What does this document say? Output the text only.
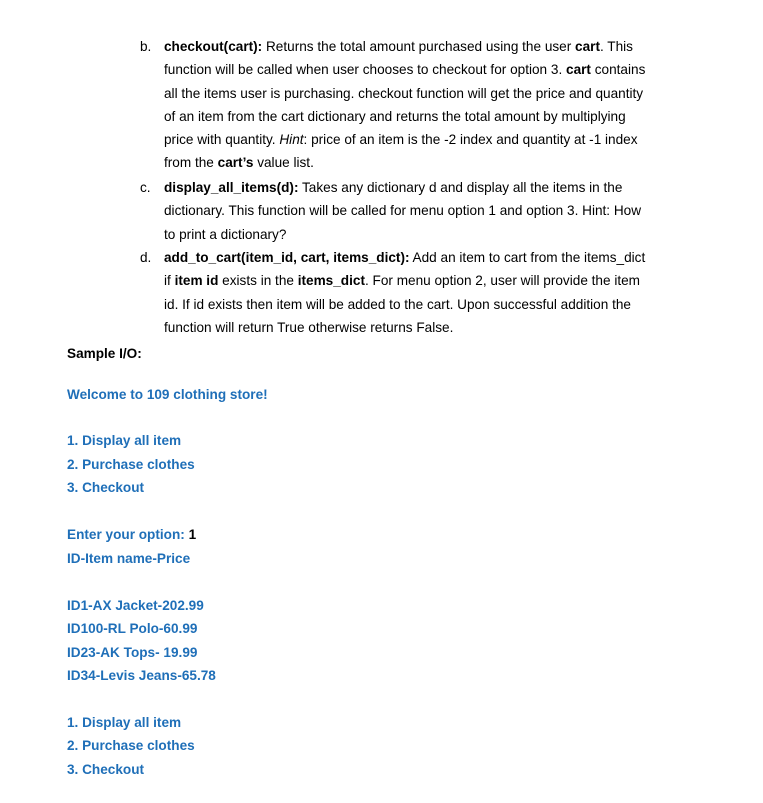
b. checkout(cart): Returns the total amount purchased using the user cart. This
function will be called when user chooses to checkout for option 3. cart contains
all the items user is purchasing. checkout function will get the price and quantity
of an item from the cart dictionary and returns the total amount by multiplying
price with quantity. Hint: price of an item is the -2 index and quantity at -1 index
from the cart’s value list.
c. display_all_items(d): Takes any dictionary d and display all the items in the
dictionary. This function will be called for menu option 1 and option 3. Hint: How
to print a dictionary?
d. add_to_cart(item_id, cart, items_dict): Add an item to cart from the items_dict
if item id exists in the items_dict. For menu option 2, user will provide the item
id. If id exists then item will be added to the cart. Upon successful addition the
function will return True otherwise returns False.
Sample I/O:
Welcome to 109 clothing store!
1. Display all item
2. Purchase clothes
3. Checkout
Enter your option: 1
ID-Item name-Price
ID1-AX Jacket-202.99
ID100-RL Polo-60.99
ID23-AK Tops- 19.99
ID34-Levis Jeans-65.78
1. Display all item
2. Purchase clothes
3. Checkout
